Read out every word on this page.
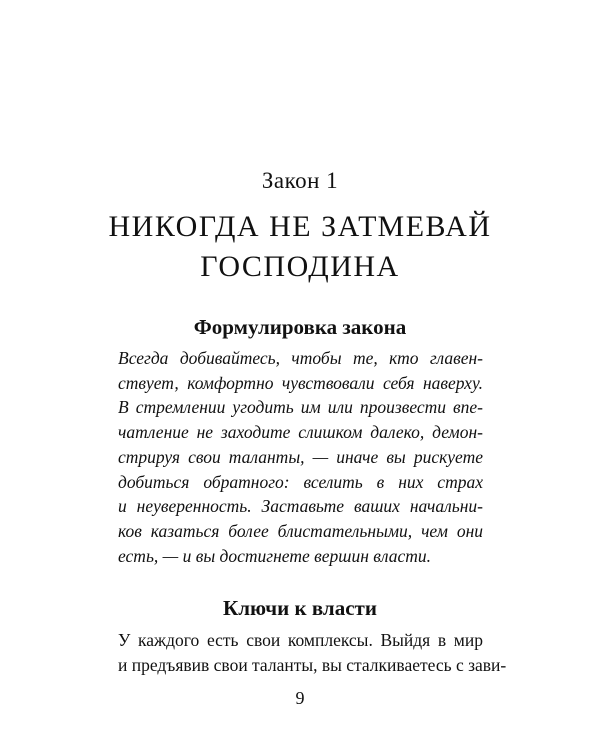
Закон 1
НИКОГДА НЕ ЗАТМЕВАЙ
ГОСПОДИНА
Формулировка закона
Всегда добивайтесь, чтобы те, кто главен-
ствует, комфортно чувствовали себя наверху.
В стремлении угодить им или произвести впе-
чатление не заходите слишком далеко, демон-
стрируя свои таланты, — иначе вы рискуете
добиться обратного: вселить в них страх
и неуверенность. Заставьте ваших начальни-
ков казаться более блистательными, чем они
есть, — и вы достигнете вершин власти.
Ключи к власти
У каждого есть свои комплексы. Выйдя в мир
и предъявив свои таланты, вы сталкиваетесь с зави-
9
